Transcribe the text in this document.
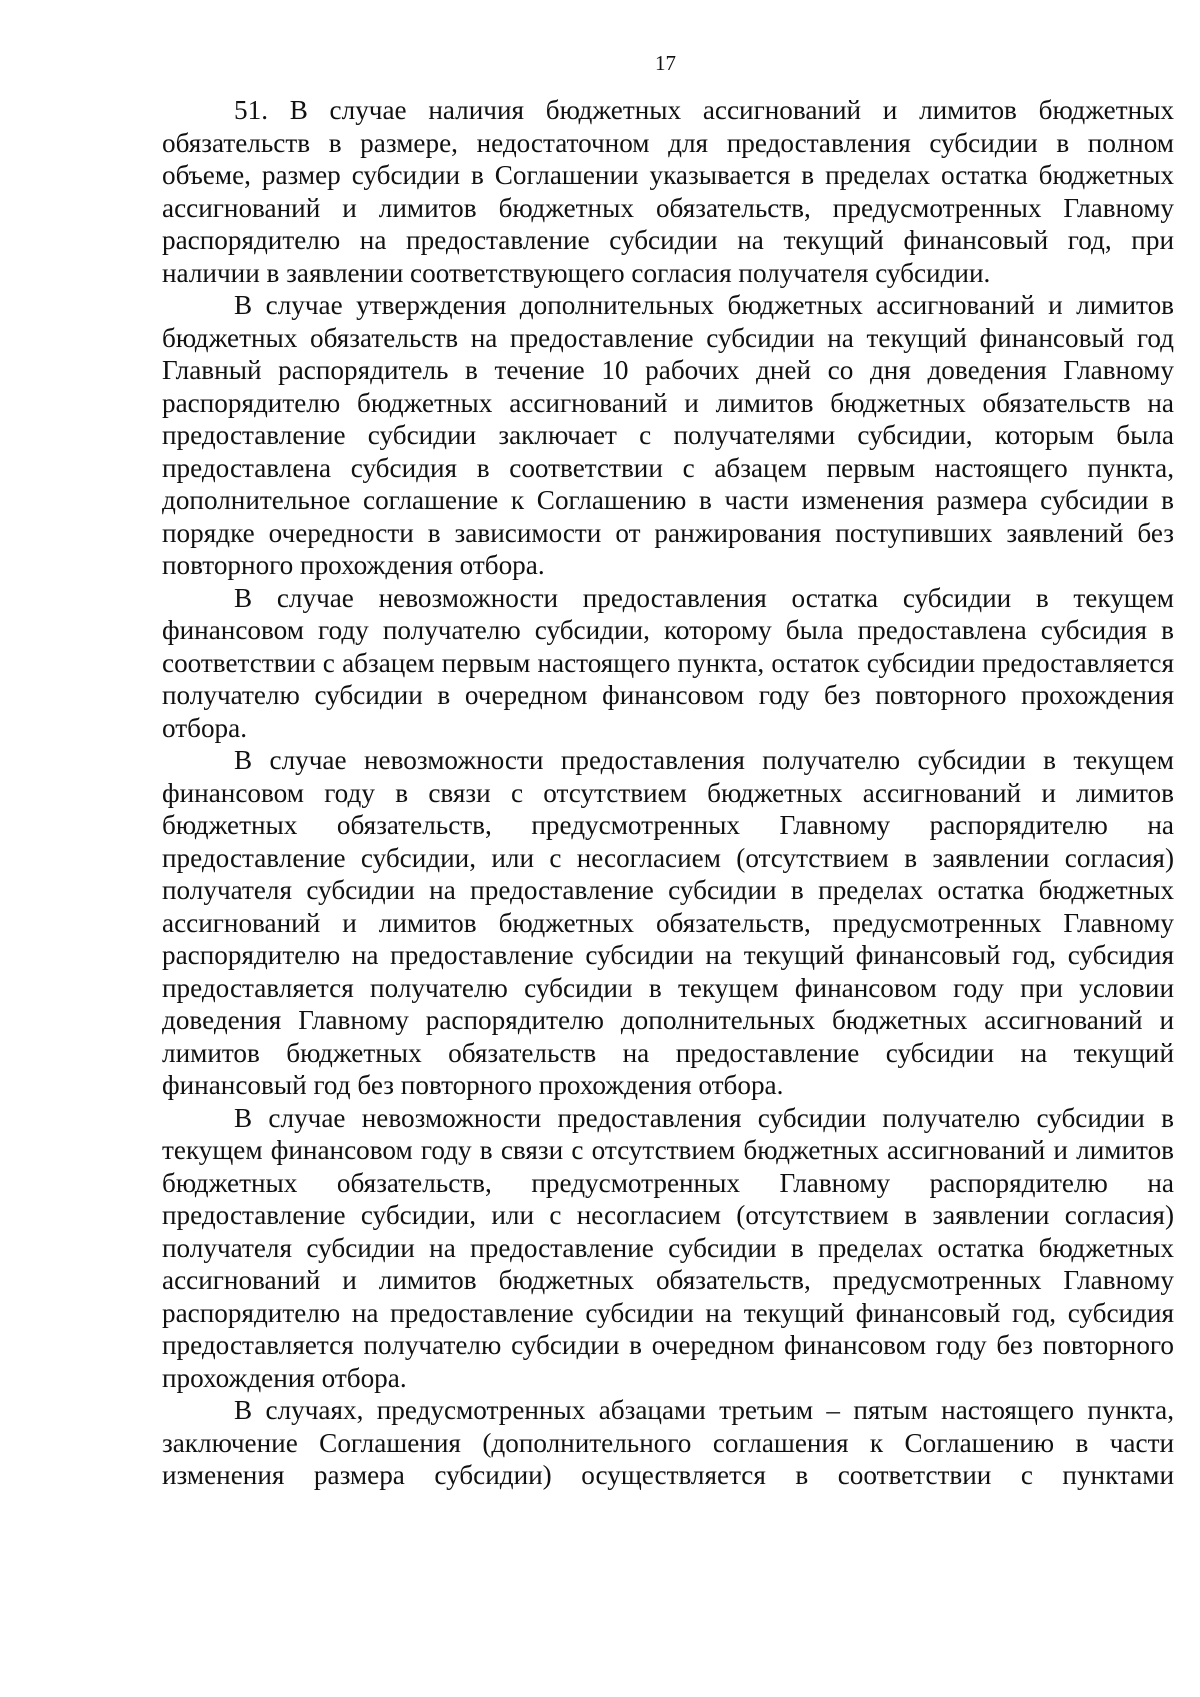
17

51. В случае наличия бюджетных ассигнований и лимитов бюджетных обязательств в размере, недостаточном для предоставления субсидии в полном объеме, размер субсидии в Соглашении указывается в пределах остатка бюджетных ассигнований и лимитов бюджетных обязательств, предусмотренных Главному распорядителю на предоставление субсидии на текущий финансовый год, при наличии в заявлении соответствующего согласия получателя субсидии.

В случае утверждения дополнительных бюджетных ассигнований и лимитов бюджетных обязательств на предоставление субсидии на текущий финансовый год Главный распорядитель в течение 10 рабочих дней со дня доведения Главному распорядителю бюджетных ассигнований и лимитов бюджетных обязательств на предоставление субсидии заключает с получателями субсидии, которым была предоставлена субсидия в соответствии с абзацем первым настоящего пункта, дополнительное соглашение к Соглашению в части изменения размера субсидии в порядке очередности в зависимости от ранжирования поступивших заявлений без повторного прохождения отбора.

В случае невозможности предоставления остатка субсидии в текущем финансовом году получателю субсидии, которому была предоставлена субсидия в соответствии с абзацем первым настоящего пункта, остаток субсидии предоставляется получателю субсидии в очередном финансовом году без повторного прохождения отбора.

В случае невозможности предоставления получателю субсидии в текущем финансовом году в связи с отсутствием бюджетных ассигнований и лимитов бюджетных обязательств, предусмотренных Главному распорядителю на предоставление субсидии, или с несогласием (отсутствием в заявлении согласия) получателя субсидии на предоставление субсидии в пределах остатка бюджетных ассигнований и лимитов бюджетных обязательств, предусмотренных Главному распорядителю на предоставление субсидии на текущий финансовый год, субсидия предоставляется получателю субсидии в текущем финансовом году при условии доведения Главному распорядителю дополнительных бюджетных ассигнований и лимитов бюджетных обязательств на предоставление субсидии на текущий финансовый год без повторного прохождения отбора.

В случае невозможности предоставления субсидии получателю субсидии в текущем финансовом году в связи с отсутствием бюджетных ассигнований и лимитов бюджетных обязательств, предусмотренных Главному распорядителю на предоставление субсидии, или с несогласием (отсутствием в заявлении согласия) получателя субсидии на предоставление субсидии в пределах остатка бюджетных ассигнований и лимитов бюджетных обязательств, предусмотренных Главному распорядителю на предоставление субсидии на текущий финансовый год, субсидия предоставляется получателю субсидии в очередном финансовом году без повторного прохождения отбора.

В случаях, предусмотренных абзацами третьим – пятым настоящего пункта, заключение Соглашения (дополнительного соглашения к Соглашению в части изменения размера субсидии) осуществляется в соответствии с пунктами
